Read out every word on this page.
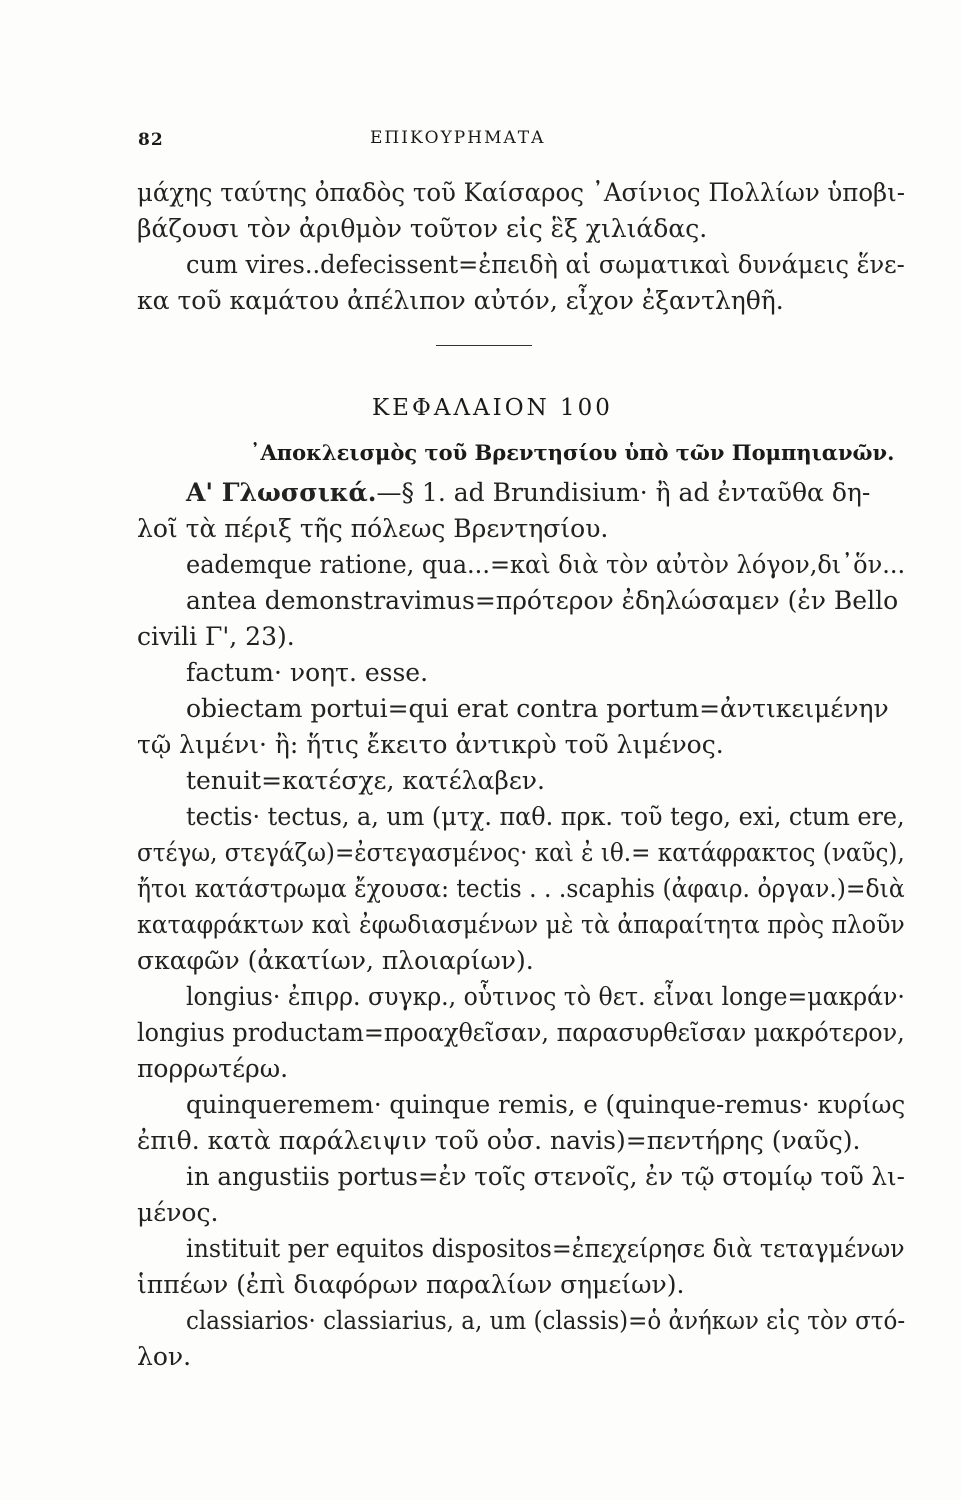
82	ΕΠΙΚΟΥΡΗΜΑΤΑ
μάχης ταύτης ὀπαδὸς τοῦ Καίσαρος ᾿Ασίνιος Πολλίων ὑποβι-
βάζουσι τὸν ἀριθμὸν τοῦτον εἰς ἓξ χιλιάδας.
cum vires..defecissent=ἐπειδὴ αἱ σωματικαὶ δυνάμεις ἕνε-
κα τοῦ καμάτου ἀπέλιπον αὐτόν, εἶχον ἐξαντληθῆ.
ΚΕΦΑΛΑΙΟΝ 100
᾿Αποκλεισμὸς τοῦ Βρεντησίου ὑπὸ τῶν Πομπηιανῶν.
Α' Γλωσσικά.—§ 1. ad Brundisium· ἢ ad ἐνταῦθα δη-
λοῖ τὰ πέριξ τῆς πόλεως Βρεντησίου.
eademque ratione, qua...=καὶ διὰ τὸν αὐτὸν λόγον,δι᾿ὅν...
antea demonstravimus=πρότερον ἐδηλώσαμεν (ἐν Bello
civili Γ', 23).
factum· νοητ. esse.
obiectam portui=qui erat contra portum=ἀντικειμένην
τῷ λιμένι· ἢ: ἥτις ἔκειτο ἀντικρὺ τοῦ λιμένος.
tenuit=κατέσχε, κατέλαβεν.
tectis· tectus, a, um (μτχ. παθ. πρκ. τοῦ tego, exi, ctum ere,
στέγω, στεγάζω)=ἐστεγασμένος· καὶ ἐ ιθ.= κατάφρακτος (ναῦς),
ἤτοι κατάστρωμα ἔχουσα: tectis . . .scaphis (ἀφαιρ. ὀργαν.)=διὰ
καταφράκτων καὶ ἐφωδιασμένων μὲ τὰ ἀπαραίτητα πρὸς πλοῦν
σκαφῶν (ἀκατίων, πλοιαρίων).
longius· ἐπιρρ. συγκρ., οὗτινος τὸ θετ. εἶναι longe=μακράν·
longius productam=προαχθεῖσαν, παρασυρθεῖσαν μακρότερον,
πορρωτέρω.
quinqueremem· quinque remis, e (quinque-remus· κυρίως
ἐπιθ. κατὰ παράλειψιν τοῦ οὐσ. navis)=πεντήρης (ναῦς).
in angustiis portus=ἐν τοῖς στενοῖς, ἐν τῷ στομίῳ τοῦ λι-
μένος.
instituit per equitos dispositos=ἐπεχείρησε διὰ τεταγμένων
ἱππέων (ἐπὶ διαφόρων παραλίων σημείων).
classiarios· classiarius, a, um (classis)=ὁ ἀνήκων εἰς τὸν στό-
λον.
